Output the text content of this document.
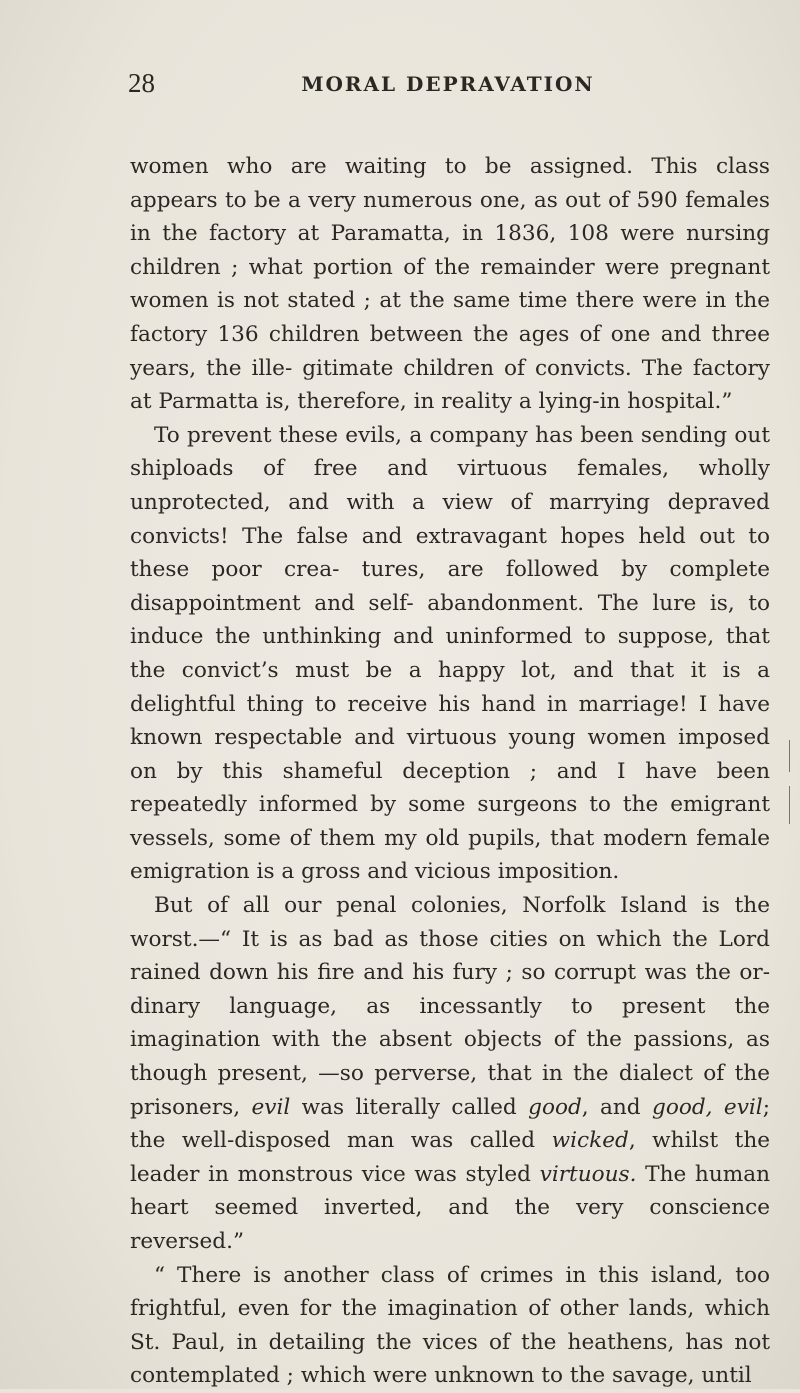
28	MORAL DEPRAVATION

women who are waiting to be assigned. This class appears to be a very numerous one, as out of 590 females in the factory at Paramatta, in 1836, 108 were nursing children ; what portion of the remainder were pregnant women is not stated ; at the same time there were in the factory 136 children between the ages of one and three years, the ille- gitimate children of convicts. The factory at Parmatta is, therefore, in reality a lying-in hospital.”

To prevent these evils, a company has been sending out shiploads of free and virtuous females, wholly unprotected, and with a view of marrying depraved convicts! The false and extravagant hopes held out to these poor crea- tures, are followed by complete disappointment and self- abandonment. The lure is, to induce the unthinking and uninformed to suppose, that the convict’s must be a happy lot, and that it is a delightful thing to receive his hand in marriage! I have known respectable and virtuous young women imposed on by this shameful deception ; and I have been repeatedly informed by some surgeons to the emigrant vessels, some of them my old pupils, that modern female emigration is a gross and vicious imposition.

But of all our penal colonies, Norfolk Island is the worst.—“ It is as bad as those cities on which the Lord rained down his fire and his fury ; so corrupt was the or- dinary language, as incessantly to present the imagination with the absent objects of the passions, as though present, —so perverse, that in the dialect of the prisoners, evil was literally called good, and good, evil; the well-disposed man was called wicked, whilst the leader in monstrous vice was styled virtuous. The human heart seemed inverted, and the very conscience reversed.”

“ There is another class of crimes in this island, too frightful, even for the imagination of other lands, which St. Paul, in detailing the vices of the heathens, has not contemplated ; which were unknown to the savage, until
